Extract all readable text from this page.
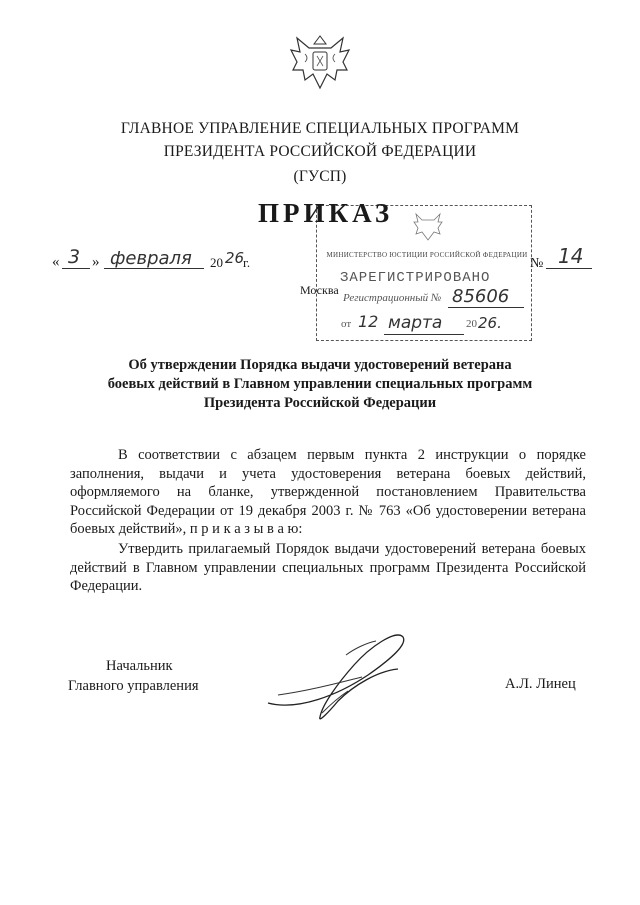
ГЛАВНОЕ УПРАВЛЕНИЕ СПЕЦИАЛЬНЫХ ПРОГРАММ
ПРЕЗИДЕНТА РОССИЙСКОЙ ФЕДЕРАЦИИ
(ГУСП)
МИНИСТЕРСТВО ЮСТИЦИИ РОССИЙСКОЙ ФЕДЕРАЦИИ
ЗАРЕГИСТРИРОВАНО
Регистрационный № 85606
от 12 марта 20 26.
ПРИКАЗ
« 3 » февраля 20 26
г.	№ 14
Москва
Об утверждении Порядка выдачи удостоверений ветерана
боевых действий в Главном управлении специальных программ
Президента Российской Федерации
В соответствии с абзацем первым пункта 2 инструкции о порядке заполнения, выдачи и учета удостоверения ветерана боевых действий, оформляемого на бланке, утвержденной постановлением Правительства Российской Федерации от 19 декабря 2003 г. № 763 «Об удостоверении ветерана боевых действий», п р и к а з ы в а ю:
Утвердить прилагаемый Порядок выдачи удостоверений ветерана боевых действий в Главном управлении специальных программ Президента Российской Федерации.
Начальник
Главного управления	А.Л. Линец
